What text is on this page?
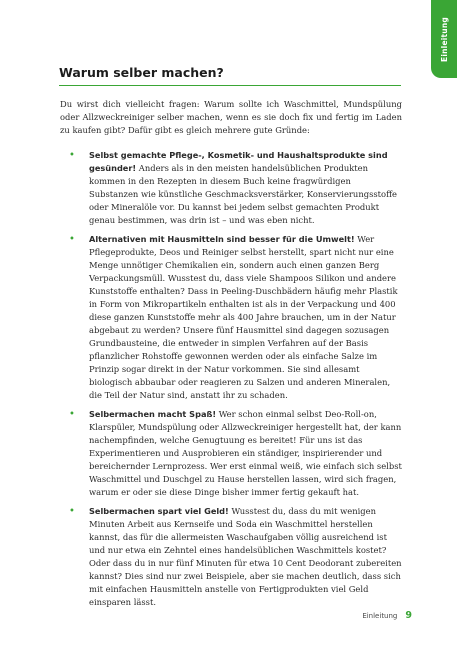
Einleitung
Warum selber machen?

Du wirst dich vielleicht fragen: Warum sollte ich Waschmittel, Mundspülung oder Allzweckreiniger selber machen, wenn es sie doch fix und fertig im Laden zu kaufen gibt? Dafür gibt es gleich mehrere gute Gründe:

• Selbst gemachte Pflege-, Kosmetik- und Haushaltsprodukte sind gesünder! Anders als in den meisten handelsüblichen Produkten kommen in den Rezepten in diesem Buch keine fragwürdigen Substanzen wie künstliche Geschmacksverstärker, Konservierungsstoffe oder Mineralöle vor. Du kannst bei jedem selbst gemachten Produkt genau bestimmen, was drin ist – und was eben nicht.
• Alternativen mit Hausmitteln sind besser für die Umwelt! Wer Pflegeprodukte, Deos und Reiniger selbst herstellt, spart nicht nur eine Menge unnötiger Chemikalien ein, sondern auch einen ganzen Berg Verpackungsmüll. Wusstest du, dass viele Shampoos Silikon und andere Kunststoffe enthalten? Dass in Peeling-Duschbädern häufig mehr Plastik in Form von Mikropartikeln enthalten ist als in der Verpackung und 400 diese ganzen Kunststoffe mehr als 400 Jahre brauchen, um in der Natur abgebaut zu werden? Unsere fünf Hausmittel sind dagegen sozusagen Grundbausteine, die entweder in simplen Verfahren auf der Basis pflanzlicher Rohstoffe gewonnen werden oder als einfache Salze im Prinzip sogar direkt in der Natur vorkommen. Sie sind allesamt biologisch abbaubar oder reagieren zu Salzen und anderen Mineralen, die Teil der Natur sind, anstatt ihr zu schaden.
• Selbermachen macht Spaß! Wer schon einmal selbst Deo-Roll-on, Klarspüler, Mundspülung oder Allzweckreiniger hergestellt hat, der kann nachempfinden, welche Genugtuung es bereitet! Für uns ist das Experimentieren und Ausprobieren ein ständiger, inspirierender und bereichernder Lernprozess. Wer erst einmal weiß, wie einfach sich selbst Waschmittel und Duschgel zu Hause herstellen lassen, wird sich fragen, warum er oder sie diese Dinge bisher immer fertig gekauft hat.
• Selbermachen spart viel Geld! Wusstest du, dass du mit wenigen Minuten Arbeit aus Kernseife und Soda ein Waschmittel herstellen kannst, das für die allermeisten Waschaufgaben völlig ausreichend ist und nur etwa ein Zehntel eines handelsüblichen Waschmittels kostet? Oder dass du in nur fünf Minuten für etwa 10 Cent Deodorant zubereiten kannst? Dies sind nur zwei Beispiele, aber sie machen deutlich, dass sich mit einfachen Hausmitteln anstelle von Fertigprodukten viel Geld einsparen lässt.
Einleitung 9
